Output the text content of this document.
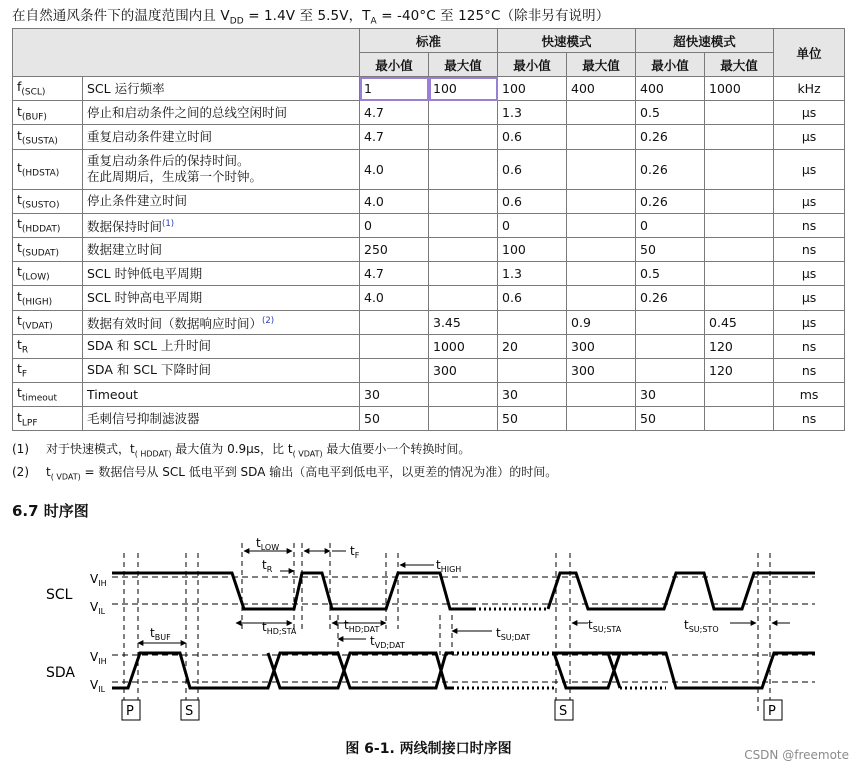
在自然通风条件下的温度范围内且 $V_{DD} = 1.4V$ 至 5.5V，$T_A = -40^\circ C$ 至 125°C（除非另有说明）
		标准		快速模式		超快速模式		单位
		最小值	最大值	最小值	最大值	最小值	最大值	
$f_{(SCL)}$	SCL 运行频率	1	100	100	400	400	1000	kHz
$t_{(BUF)}$	停止和启动条件之间的总线空闲时间	4.7		1.3		0.5		μs
$t_{(SUSTA)}$	重复启动条件建立时间	4.7		0.6		0.26		μs
$t_{(HDSTA)}$	重复启动条件后的保持时间。
在此周期后，生成第一个时钟。	4.0		0.6		0.26		μs
$t_{(SUSTO)}$	停止条件建立时间	4.0		0.6		0.26		μs
$t_{(HDDAT)}$	数据保持时间$^{(1)}$	0		0		0		ns
$t_{(SUDAT)}$	数据建立时间	250		100		50		ns
$t_{(LOW)}$	SCL 时钟低电平周期	4.7		1.3		0.5		μs
$t_{(HIGH)}$	SCL 时钟高电平周期	4.0		0.6		0.26		μs
$t_{(VDAT)}$	数据有效时间（数据响应时间）$^{(2)}$		3.45		0.9		0.45	μs
$t_R$	SDA 和 SCL 上升时间		1000	20	300		120	ns
$t_F$	SDA 和 SCL 下降时间		300		300		120	ns
$t_{timeout}$	Timeout	30		30		30		ms
$t_{LPF}$	毛刺信号抑制滤波器	50		50		50		ns
(1) 对于快速模式，$t_{( HDDAT)}$ 最大值为 0.9μs，比 $t_{( VDAT)}$ 最大值要小一个转换时间。
(2) $t_{( VDAT)}$ = 数据信号从 SCL 低电平到 SDA 输出（高电平到低电平，以更差的情况为准）的时间。
6.7 时序图
SCL
SDA
$V_{IH}$
$V_{IL}$
$V_{IH}$
$V_{IL}$
P	S	S	P
$t_{LOW}$
$t_R$
$t_F$
$t_{HIGH}$
$t_{BUF}$
$t_{HD;STA}$	$t_{HD;DAT}$
$t_{VD;DAT}$
$t_{SU;DAT}$
$t_{SU;STA}$	$t_{SU;STO}$
图 6-1. 两线制接口时序图	CSDN @freemote
